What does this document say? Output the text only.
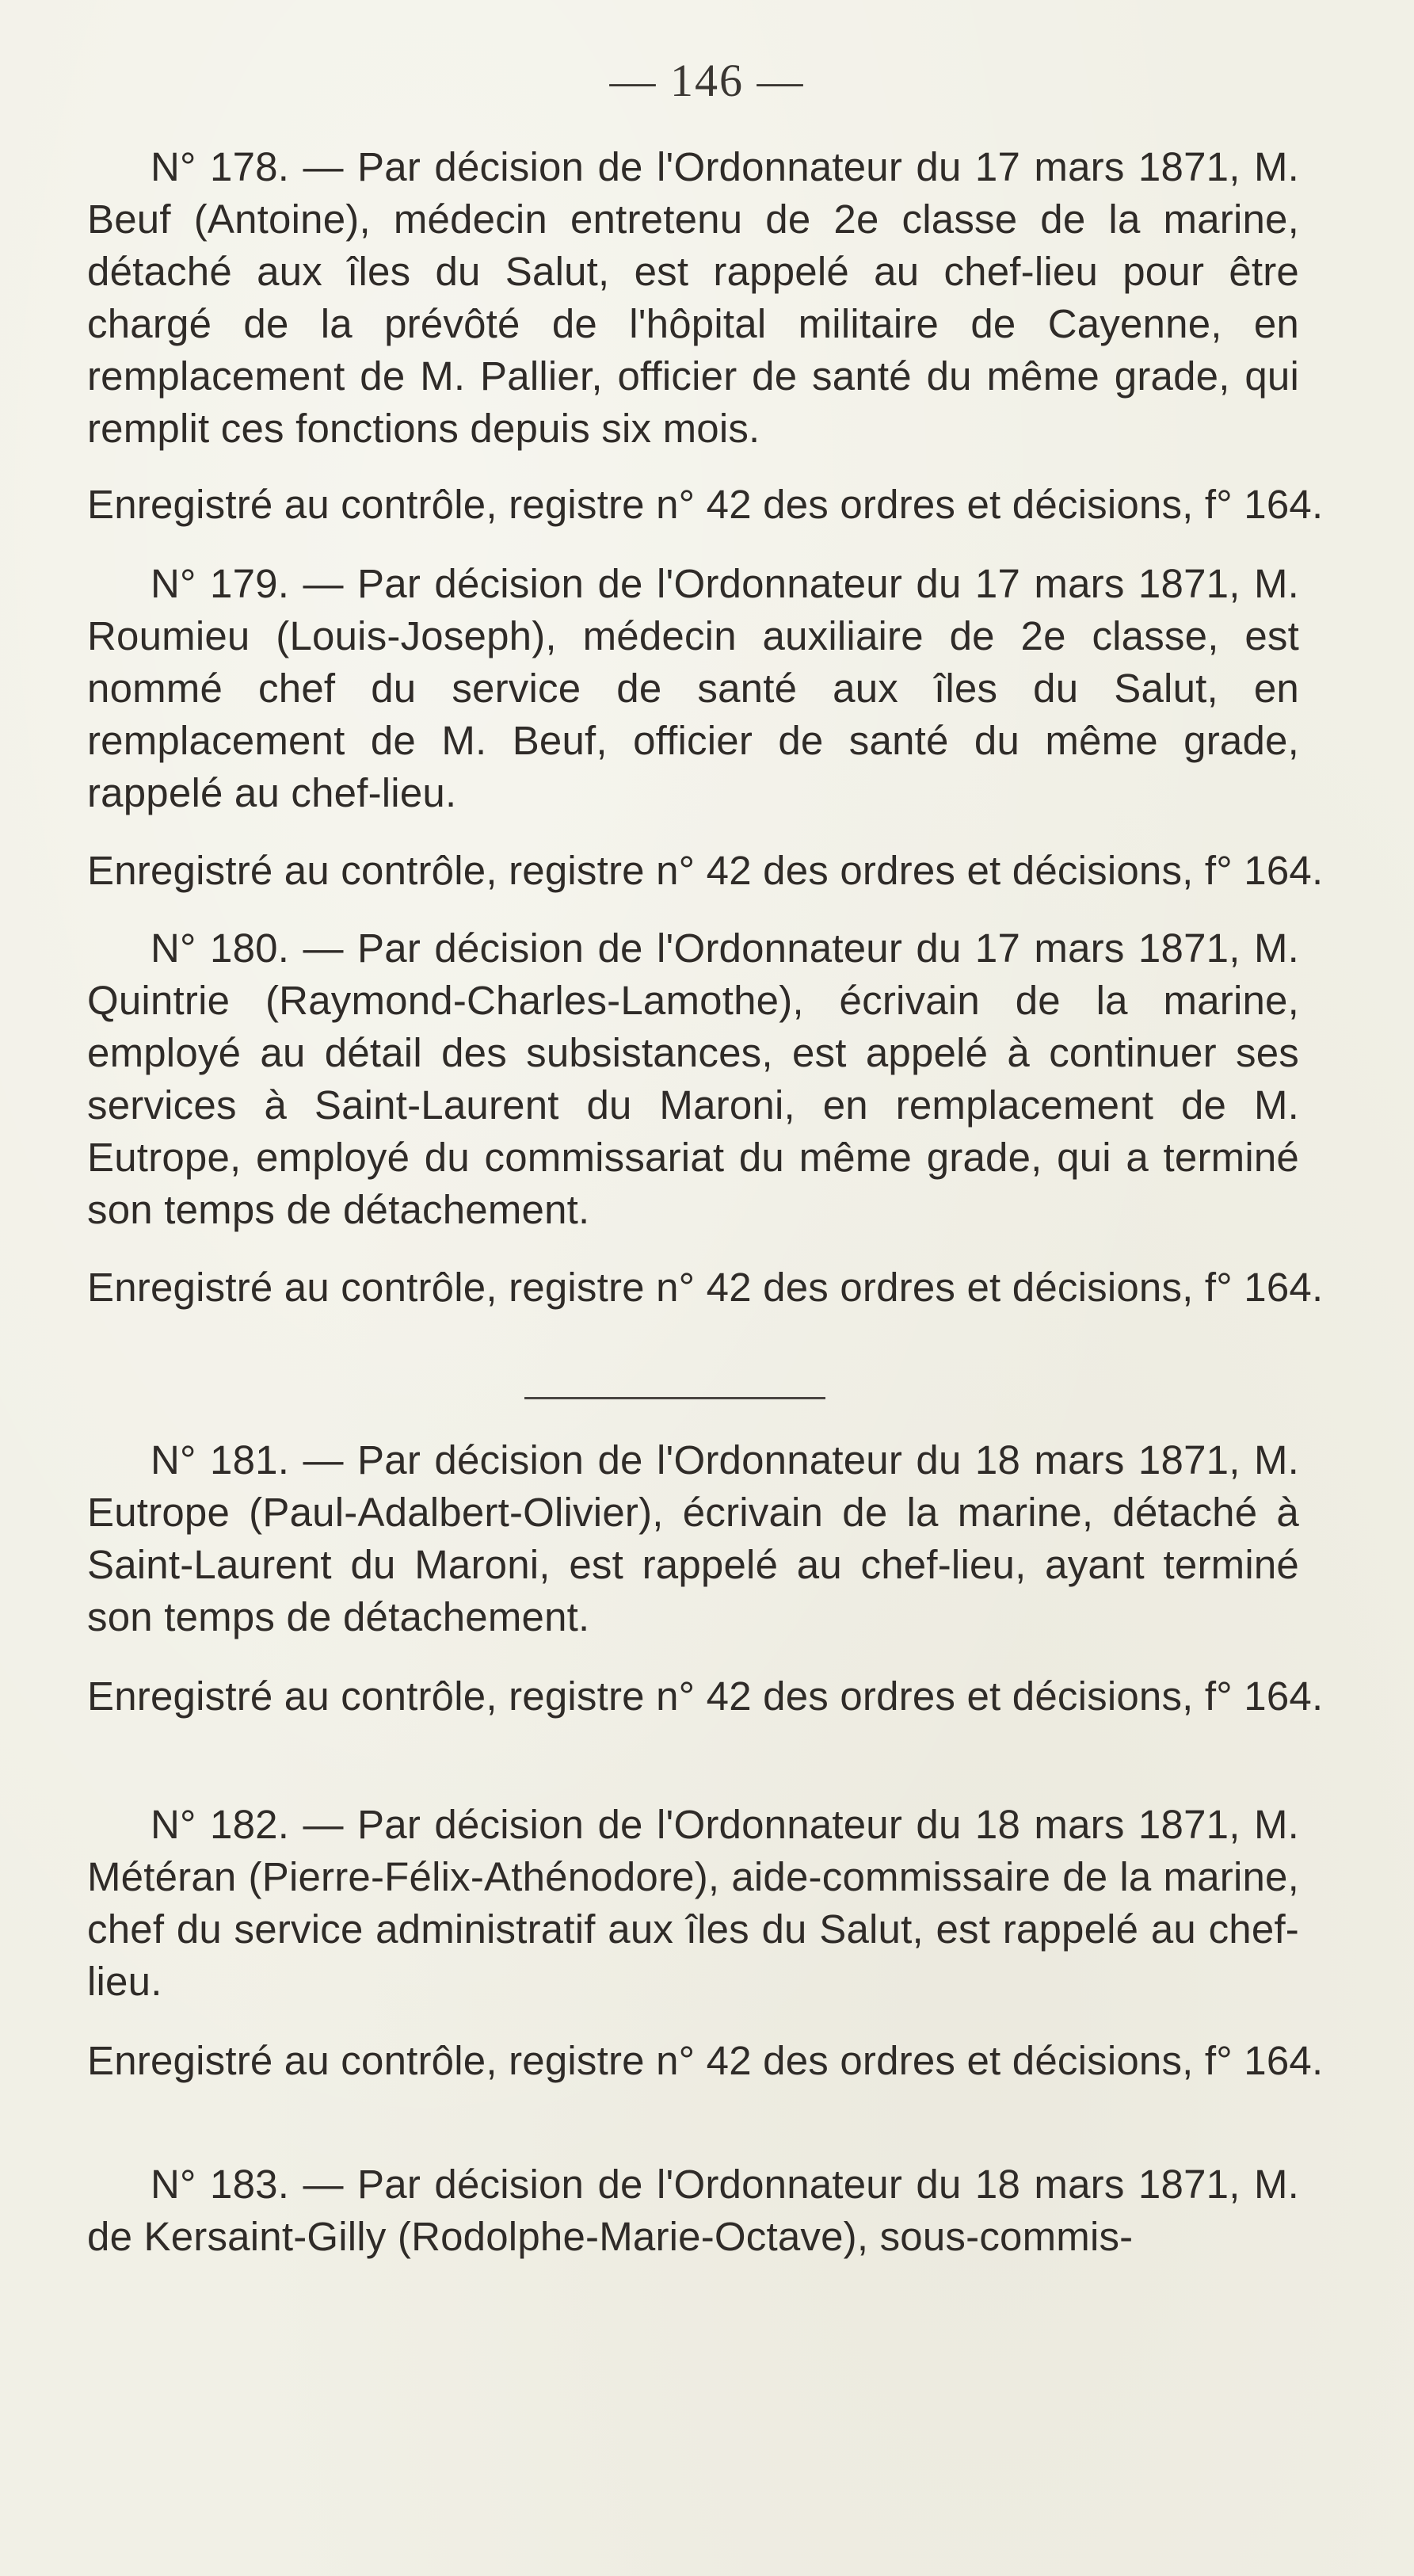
— 146 —

N° 178. — Par décision de l'Ordonnateur du 17 mars 1871, M. Beuf (Antoine), médecin entretenu de 2e classe de la marine, détaché aux îles du Salut, est rappelé au chef-lieu pour être chargé de la prévôté de l'hôpital militaire de Cayenne, en remplacement de M. Pallier, officier de santé du même grade, qui remplit ces fonctions depuis six mois.

Enregistré au contrôle, registre n° 42 des ordres et décisions, f° 164.

N° 179. — Par décision de l'Ordonnateur du 17 mars 1871, M. Roumieu (Louis-Joseph), médecin auxiliaire de 2e classe, est nommé chef du service de santé aux îles du Salut, en remplacement de M. Beuf, officier de santé du même grade, rappelé au chef-lieu.

Enregistré au contrôle, registre n° 42 des ordres et décisions, f° 164.

N° 180. — Par décision de l'Ordonnateur du 17 mars 1871, M. Quintrie (Raymond-Charles-Lamothe), écrivain de la marine, employé au détail des subsistances, est appelé à continuer ses services à Saint-Laurent du Maroni, en remplacement de M. Eutrope, employé du commissariat du même grade, qui a terminé son temps de détachement.

Enregistré au contrôle, registre n° 42 des ordres et décisions, f° 164.

N° 181. — Par décision de l'Ordonnateur du 18 mars 1871, M. Eutrope (Paul-Adalbert-Olivier), écrivain de la marine, détaché à Saint-Laurent du Maroni, est rappelé au chef-lieu, ayant terminé son temps de détachement.

Enregistré au contrôle, registre n° 42 des ordres et décisions, f° 164.

N° 182. — Par décision de l'Ordonnateur du 18 mars 1871, M. Météran (Pierre-Félix-Athénodore), aide-commissaire de la marine, chef du service administratif aux îles du Salut, est rappelé au chef-lieu.

Enregistré au contrôle, registre n° 42 des ordres et décisions, f° 164.

N° 183. — Par décision de l'Ordonnateur du 18 mars 1871, M. de Kersaint-Gilly (Rodolphe-Marie-Octave), sous-commis-
